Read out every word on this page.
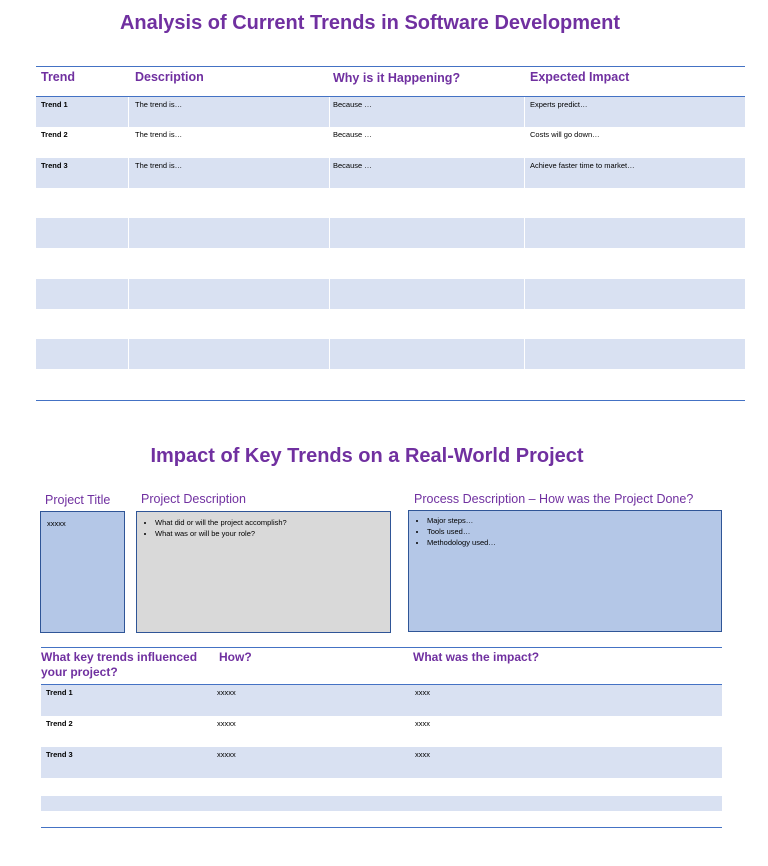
Analysis of Current Trends in Software Development
Trend	Description	Why is it Happening?	Expected Impact
Trend 1	The trend is…	Because …	Experts predict…
Trend 2	The trend is…	Because …	Costs will go down…
Trend 3	The trend is…	Because …	Achieve faster time to market…
Impact of Key Trends on a Real-World Project
Project Title Project Description	Process Description – How was the Project Done?
xxxxx
•	What did or will the project accomplish?
• What was or will be your role?
• Major steps…
• Tools used…
• Methodology used…
What key trends influenced your project?
How?	What was the impact?
Trend 1	xxxxx	xxxx
Trend 2	xxxxx	xxxx
Trend 3	xxxxx	xxxx
